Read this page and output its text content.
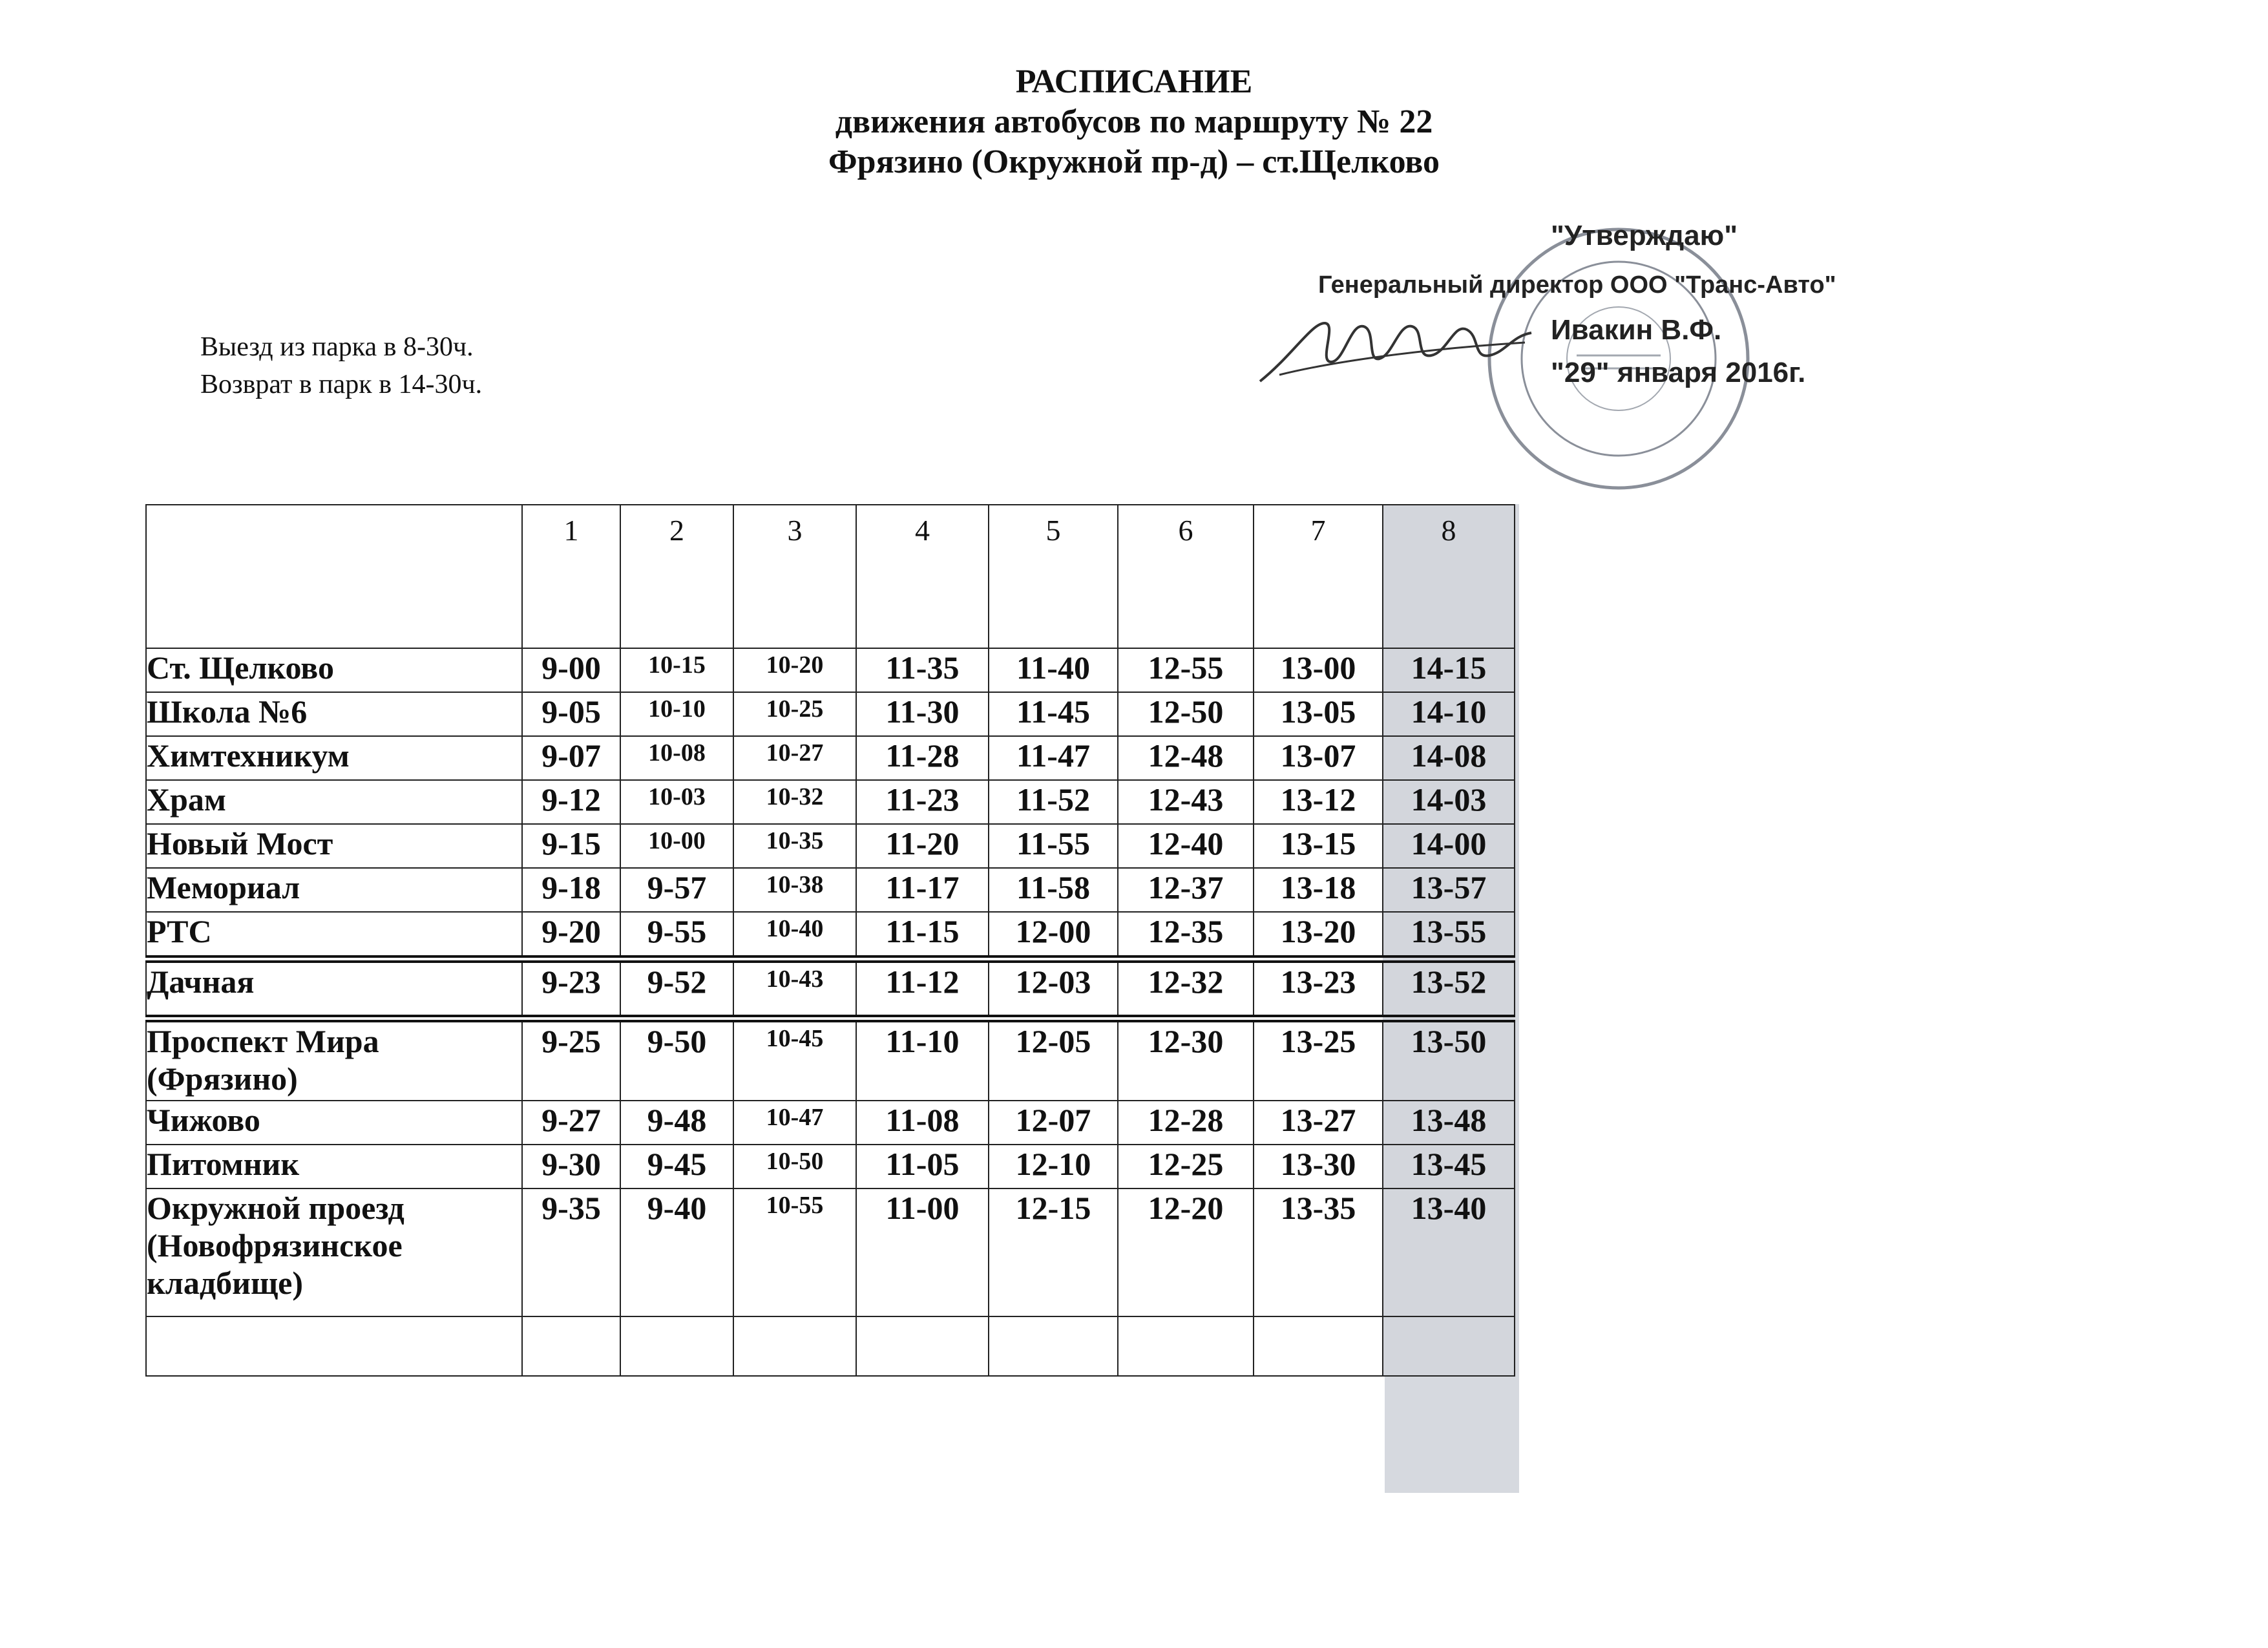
РАСПИСАНИЕ
движения автобусов по маршруту № 22
Фрязино (Окружной пр-д) – ст.Щелково
"Утверждаю"
Генеральный директор ООО "Транс-Авто"
Ивакин В.Ф.
"29" января 2016г.
Выезд из парка в 8-30ч.
Возврат в парк в 14-30ч.
	1	2	3	4	5	6	7	8
Ст. Щелково	9-00	10-15	10-20	11-35	11-40	12-55	13-00	14-15
Школа №6	9-05	10-10	10-25	11-30	11-45	12-50	13-05	14-10
Химтехникум	9-07	10-08	10-27	11-28	11-47	12-48	13-07	14-08
Храм	9-12	10-03	10-32	11-23	11-52	12-43	13-12	14-03
Новый Мост	9-15	10-00	10-35	11-20	11-55	12-40	13-15	14-00
Мемориал	9-18	9-57	10-38	11-17	11-58	12-37	13-18	13-57
РТС	9-20	9-55	10-40	11-15	12-00	12-35	13-20	13-55
Дачная	9-23	9-52	10-43	11-12	12-03	12-32	13-23	13-52
Проспект Мира (Фрязино)	9-25	9-50	10-45	11-10	12-05	12-30	13-25	13-50
Чижово	9-27	9-48	10-47	11-08	12-07	12-28	13-27	13-48
Питомник	9-30	9-45	10-50	11-05	12-10	12-25	13-30	13-45
Окружной проезд (Новофрязинское кладбище)	9-35	9-40	10-55	11-00	12-15	12-20	13-35	13-40
